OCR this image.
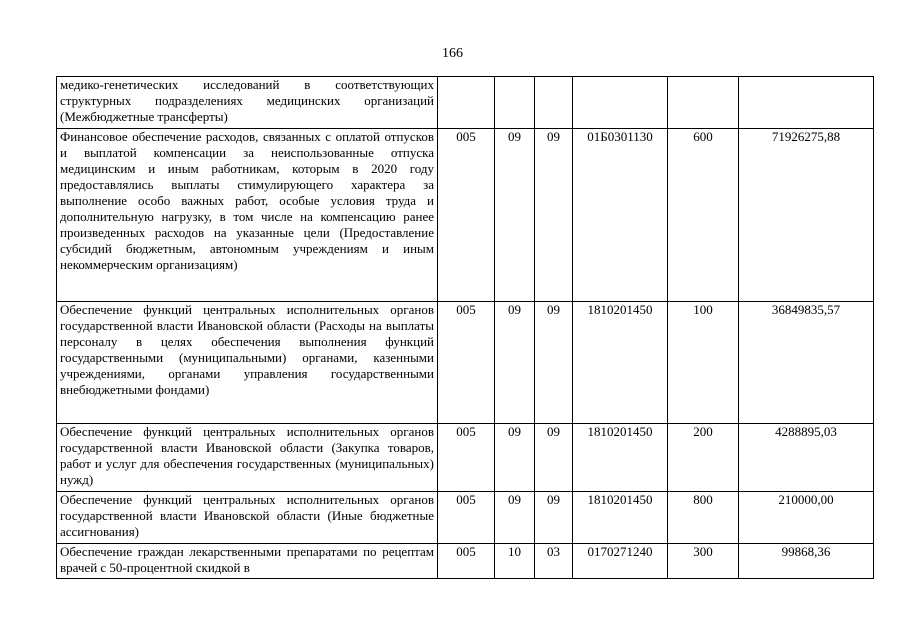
166
медико-генетических исследований в соответствующих структурных подразделениях медицинских организаций (Межбюджетные трансферты)						
Финансовое обеспечение расходов, связанных с оплатой отпусков и выплатой компенсации за неиспользованные отпуска медицинским и иным работникам, которым в 2020 году предоставлялись выплаты стимулирующего характера за выполнение особо важных работ, особые условия труда и дополнительную нагрузку, в том числе на компенсацию ранее произведенных расходов на указанные цели (Предоставление субсидий бюджетным, автономным учреждениям и иным некоммерческим организациям)	005	09	09	01Б0301130	600	71926275,88
Обеспечение функций центральных исполнительных органов государственной власти Ивановской области (Расходы на выплаты персоналу в целях обеспечения выполнения функций государственными (муниципальными) органами, казенными учреждениями, органами управления государственными внебюджетными фондами)	005	09	09	1810201450	100	36849835,57
Обеспечение функций центральных исполнительных органов государственной власти Ивановской области (Закупка товаров, работ и услуг для обеспечения государственных (муниципальных) нужд)	005	09	09	1810201450	200	4288895,03
Обеспечение функций центральных исполнительных органов государственной власти Ивановской области (Иные бюджетные ассигнования)	005	09	09	1810201450	800	210000,00

Обеспечение граждан лекарственными препаратами по рецептам врачей с 50-процентной скидкой в	005	10	03	0170271240	300	99868,36
